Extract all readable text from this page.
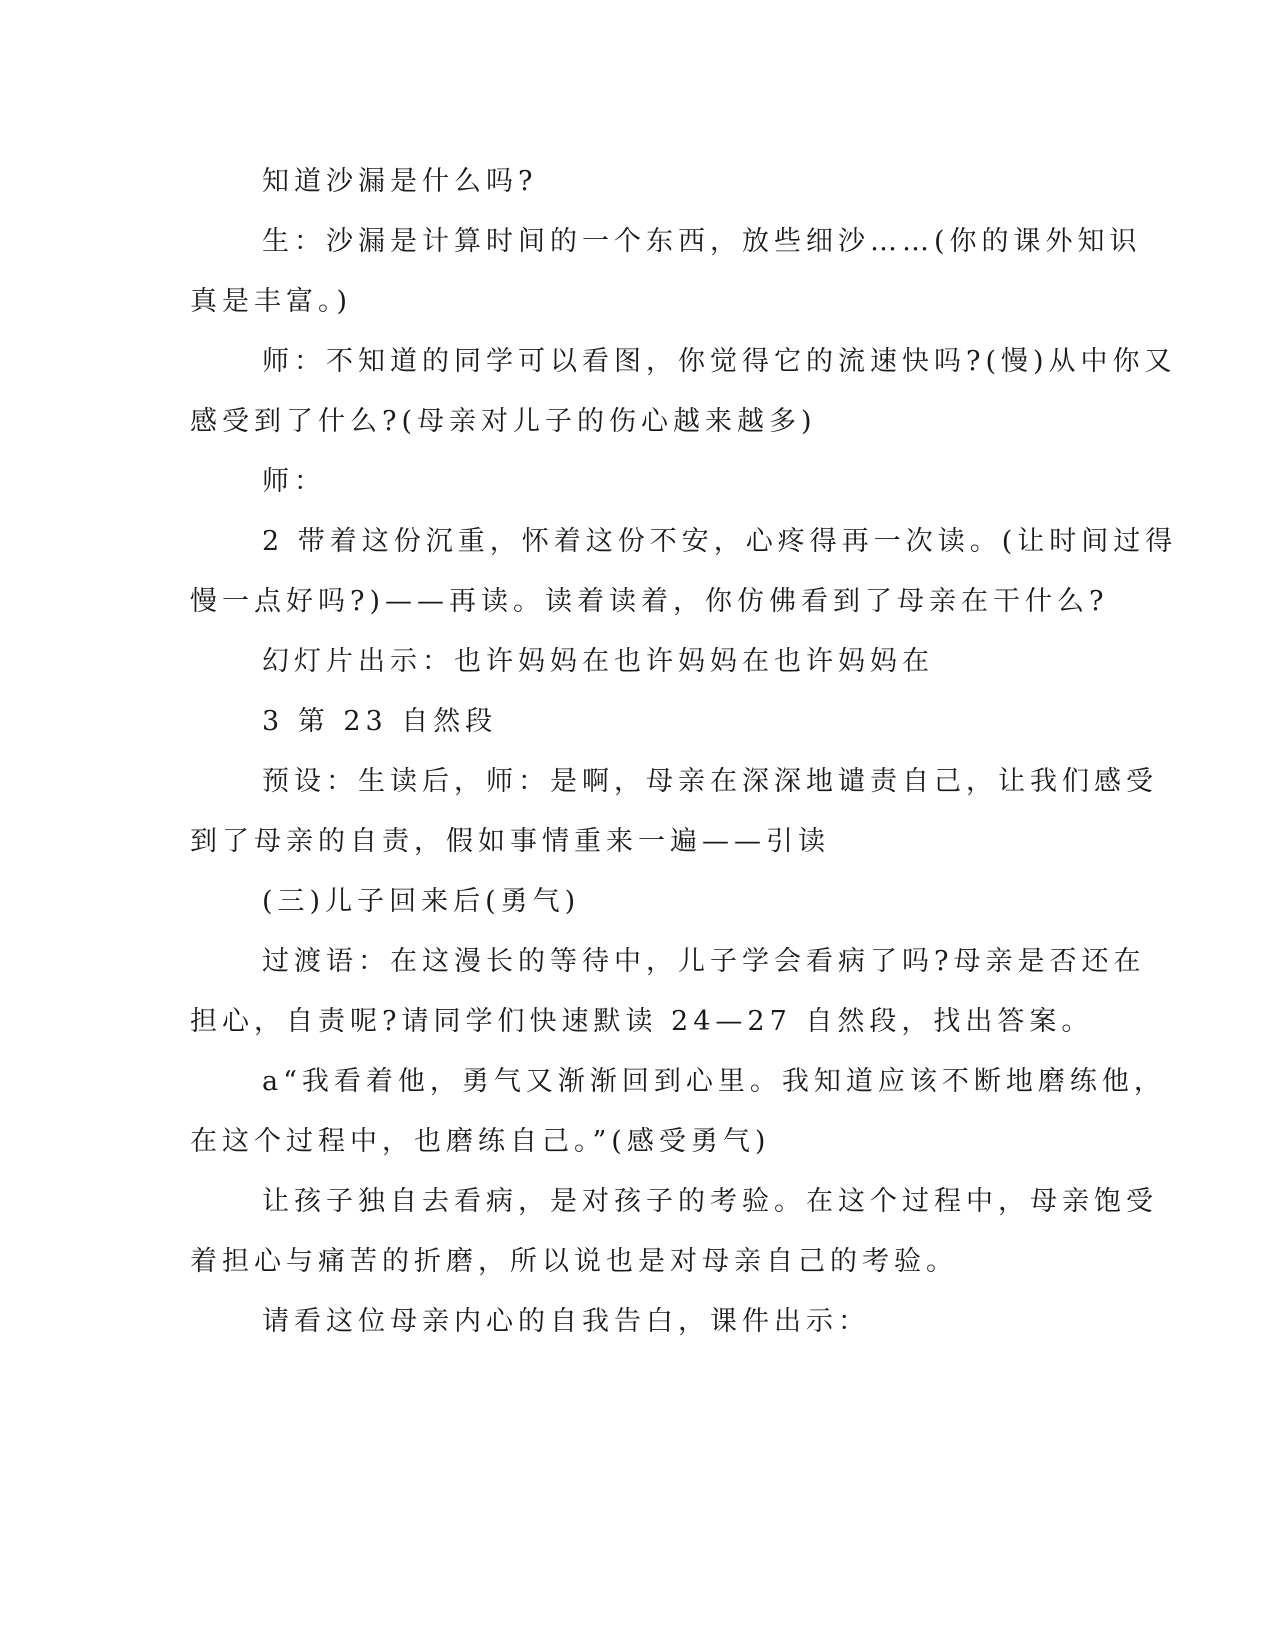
知道沙漏是什么吗?
生：沙漏是计算时间的一个东西，放些细沙……(你的课外知识
真是丰富。)
师：不知道的同学可以看图，你觉得它的流速快吗?(慢)从中你又
感受到了什么?(母亲对儿子的伤心越来越多)
师：
2 带着这份沉重，怀着这份不安，心疼得再一次读。(让时间过得
慢一点好吗?)——再读。读着读着，你仿佛看到了母亲在干什么?
幻灯片出示：也许妈妈在也许妈妈在也许妈妈在
3 第 23 自然段
预设：生读后，师：是啊，母亲在深深地谴责自己，让我们感受
到了母亲的自责，假如事情重来一遍——引读
(三)儿子回来后(勇气)
过渡语：在这漫长的等待中，儿子学会看病了吗?母亲是否还在
担心，自责呢?请同学们快速默读 24—27 自然段，找出答案。
a“我看着他，勇气又渐渐回到心里。我知道应该不断地磨练他，
在这个过程中，也磨练自己。”(感受勇气)
让孩子独自去看病，是对孩子的考验。在这个过程中，母亲饱受
着担心与痛苦的折磨，所以说也是对母亲自己的考验。
请看这位母亲内心的自我告白，课件出示：
